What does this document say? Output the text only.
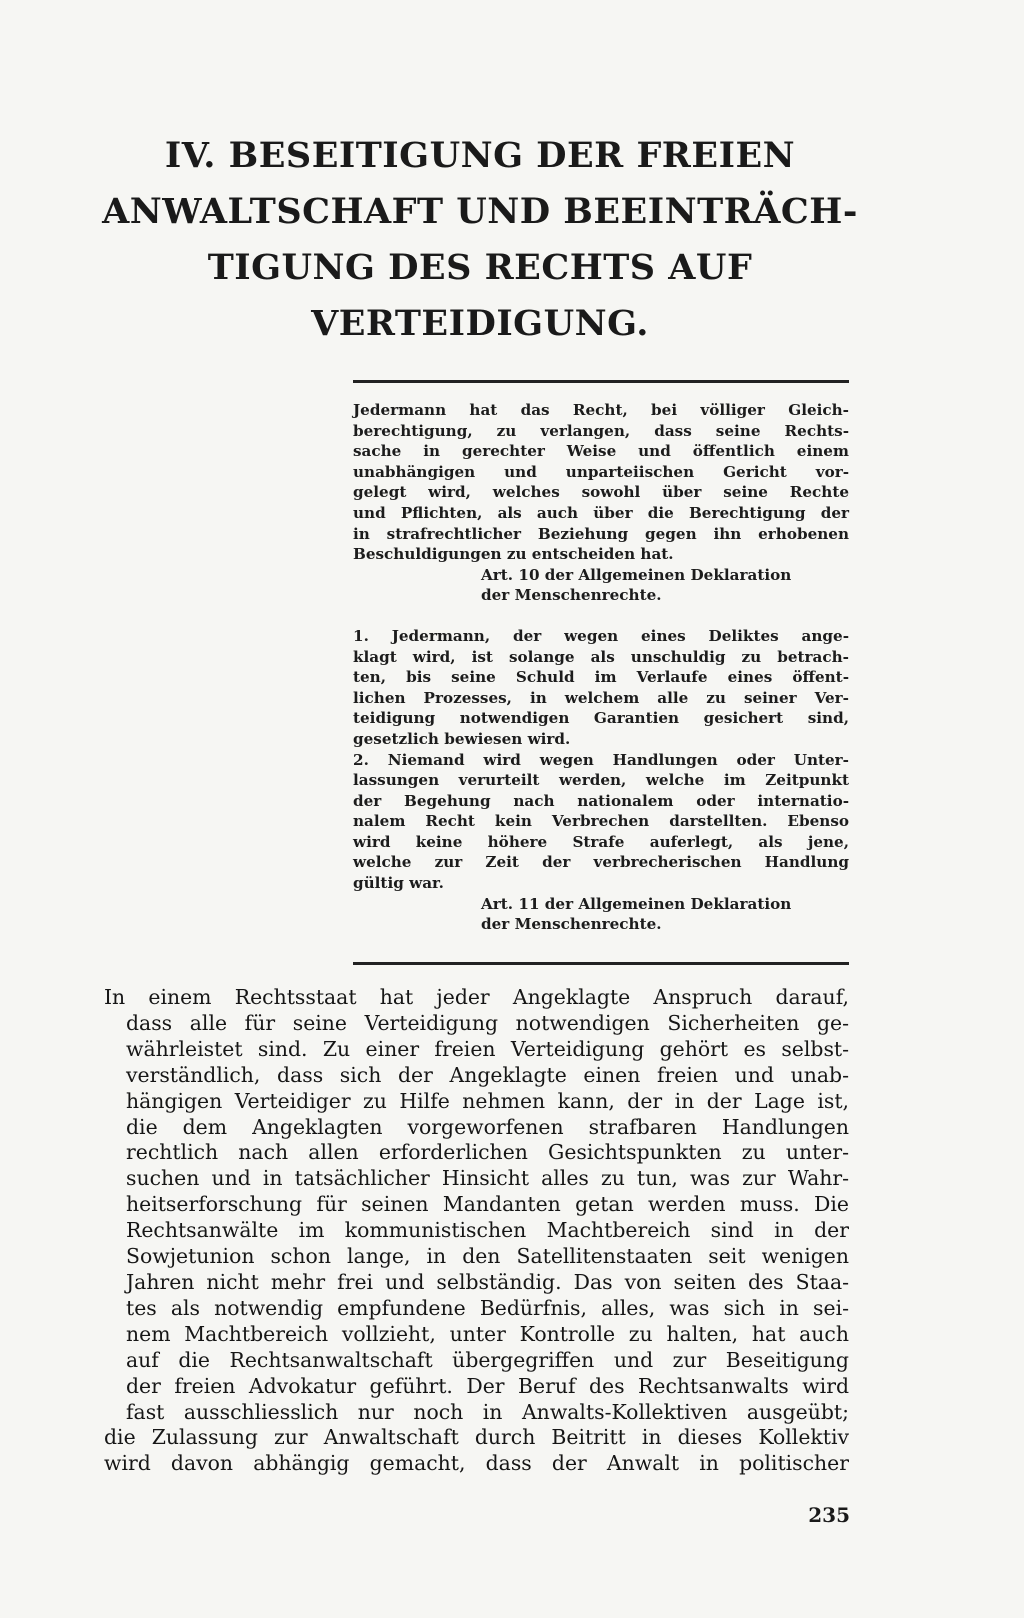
IV. BESEITIGUNG DER FREIEN
ANWALTSCHAFT UND BEEINTRÄCH-
TIGUNG DES RECHTS AUF
VERTEIDIGUNG.
Jedermann hat das Recht, bei völliger Gleich-
berechtigung, zu verlangen, dass seine Rechts-
sache in gerechter Weise und öffentlich einem
unabhängigen und unparteiischen Gericht vor-
gelegt wird, welches sowohl über seine Rechte
und Pflichten, als auch über die Berechtigung der
in strafrechtlicher Beziehung gegen ihn erhobenen
Beschuldigungen zu entscheiden hat.
Art. 10 der Allgemeinen Deklaration
der Menschenrechte.
1. Jedermann, der wegen eines Deliktes ange-
klagt wird, ist solange als unschuldig zu betrach-
ten, bis seine Schuld im Verlaufe eines öffent-
lichen Prozesses, in welchem alle zu seiner Ver-
teidigung notwendigen Garantien gesichert sind,
gesetzlich bewiesen wird.
2. Niemand wird wegen Handlungen oder Unter-
lassungen verurteilt werden, welche im Zeitpunkt
der Begehung nach nationalem oder internatio-
nalem Recht kein Verbrechen darstellten. Ebenso
wird keine höhere Strafe auferlegt, als jene,
welche zur Zeit der verbrecherischen Handlung
gültig war.
Art. 11 der Allgemeinen Deklaration
der Menschenrechte.
In einem Rechtsstaat hat jeder Angeklagte Anspruch darauf,
dass alle für seine Verteidigung notwendigen Sicherheiten ge-
währleistet sind. Zu einer freien Verteidigung gehört es selbst-
verständlich, dass sich der Angeklagte einen freien und unab-
hängigen Verteidiger zu Hilfe nehmen kann, der in der Lage ist,
die dem Angeklagten vorgeworfenen strafbaren Handlungen
rechtlich nach allen erforderlichen Gesichtspunkten zu unter-
suchen und in tatsächlicher Hinsicht alles zu tun, was zur Wahr-
heitserforschung für seinen Mandanten getan werden muss. Die
Rechtsanwälte im kommunistischen Machtbereich sind in der
Sowjetunion schon lange, in den Satellitenstaaten seit wenigen
Jahren nicht mehr frei und selbständig. Das von seiten des Staa-
tes als notwendig empfundene Bedürfnis, alles, was sich in sei-
nem Machtbereich vollzieht, unter Kontrolle zu halten, hat auch
auf die Rechtsanwaltschaft übergegriffen und zur Beseitigung
der freien Advokatur geführt. Der Beruf des Rechtsanwalts wird
fast ausschliesslich nur noch in Anwalts-Kollektiven ausgeübt;
die Zulassung zur Anwaltschaft durch Beitritt in dieses Kollektiv
wird davon abhängig gemacht, dass der Anwalt in politischer
235
